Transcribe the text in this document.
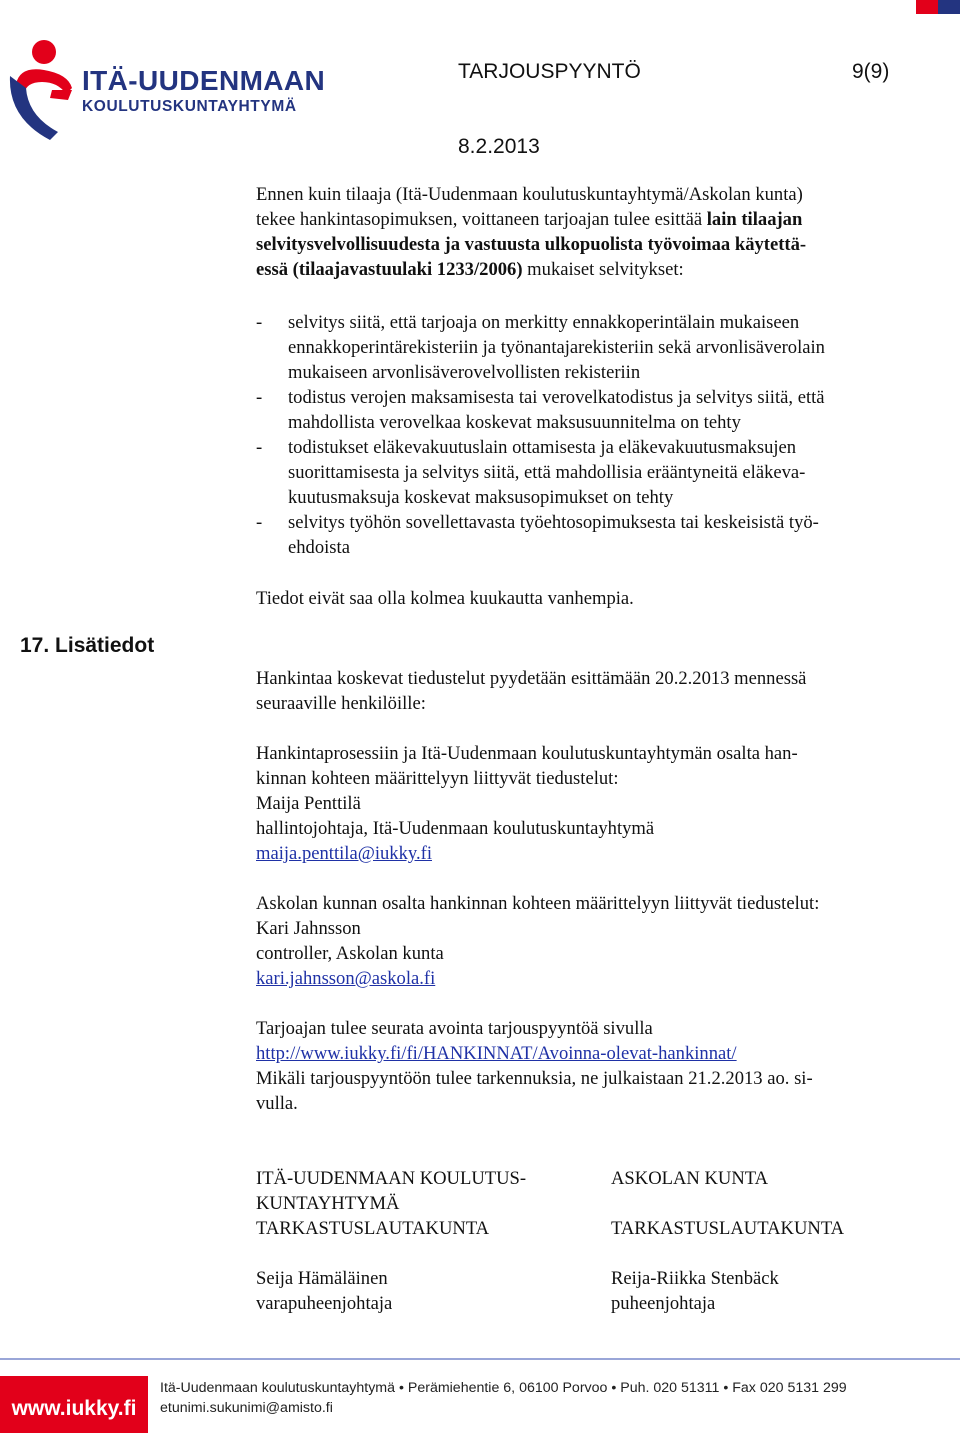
ITÄ-UUDENMAAN
KOULUTUSKUNTAYHTYMÄ
TARJOUSPYYNTÖ	9(9)
8.2.2013

Ennen kuin tilaaja (Itä-Uudenmaan koulutuskuntayhtymä/Askolan kunta)

tekee hankintasopimuksen, voittaneen tarjoajan tulee esittää lain tilaajan

selvitysvelvollisuudesta ja vastuusta ulkopuolista työvoimaa käytettä-

essä (tilaajavastuulaki 1233/2006) mukaiset selvitykset:

-	selvitys siitä, että tarjoaja on merkitty ennakkoperintälain mukaiseen
ennakkoperintärekisteriin ja työnantajarekisteriin sekä arvonlisäverolain
mukaiseen arvonlisäverovelvollisten rekisteriin
-	todistus verojen maksamisesta tai verovelkatodistus ja selvitys siitä, että
mahdollista verovelkaa koskevat maksusuunnitelma on tehty
-	todistukset eläkevakuutuslain ottamisesta ja eläkevakuutusmaksujen
suorittamisesta ja selvitys siitä, että mahdollisia erääntyneitä eläkeva-
kuutusmaksuja koskevat maksusopimukset on tehty
-	selvitys työhön sovellettavasta työehtosopimuksesta tai keskeisistä työ-
ehdoista
Tiedot eivät saa olla kolmea kuukautta vanhempia.
17. Lisätiedot

Hankintaa koskevat tiedustelut pyydetään esittämään 20.2.2013 mennessä

seuraaville henkilöille:

Hankintaprosessiin ja Itä-Uudenmaan koulutuskuntayhtymän osalta han-

kinnan kohteen määrittelyyn liittyvät tiedustelut:

Maija Penttilä

hallintojohtaja, Itä-Uudenmaan koulutuskuntayhtymä

maija.penttila@iukky.fi

Askolan kunnan osalta hankinnan kohteen määrittelyyn liittyvät tiedustelut:

Kari Jahnsson

controller, Askolan kunta

kari.jahnsson@askola.fi

Tarjoajan tulee seurata avointa tarjouspyyntöä sivulla

http://www.iukky.fi/fi/HANKINNAT/Avoinna-olevat-hankinnat/

Mikäli tarjouspyyntöön tulee tarkennuksia, ne julkaistaan 21.2.2013 ao. si-

vulla.

ITÄ-UUDENMAAN KOULUTUS-

KUNTAYHTYMÄ

TARKASTUSLAUTAKUNTA

Seija Hämäläinen

varapuheenjohtaja

ASKOLAN KUNTA

TARKASTUSLAUTAKUNTA

Reija-Riikka Stenbäck

puheenjohtaja

www.iukky.fi

Itä-Uudenmaan koulutuskuntayhtymä • Perämiehentie 6, 06100 Porvoo • Puh. 020 51311 • Fax 020 5131 299

etunimi.sukunimi@amisto.fi
